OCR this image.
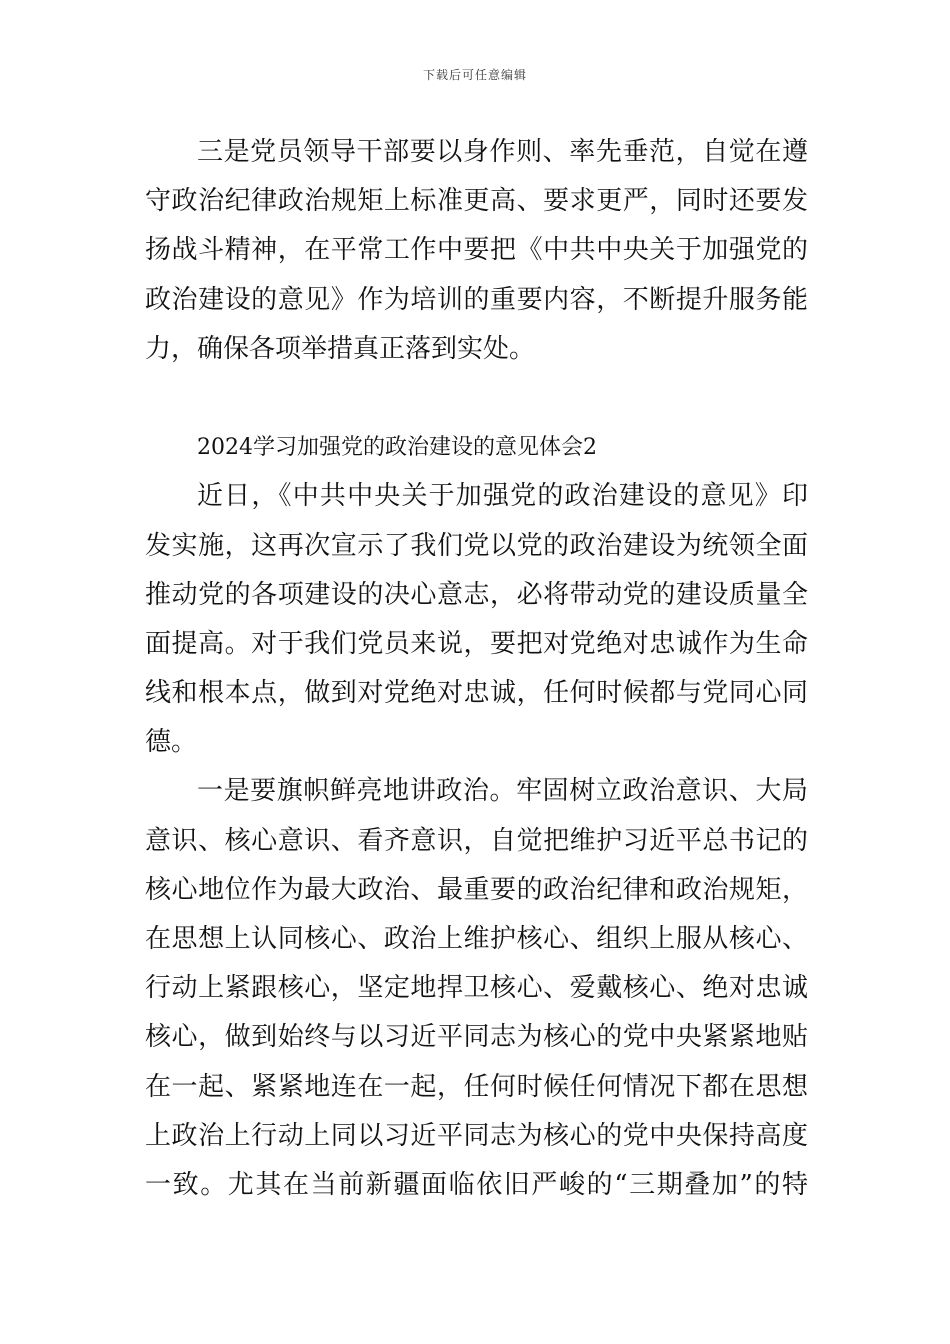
下载后可任意编辑
三是党员领导干部要以身作则、率先垂范，自觉在遵
守政治纪律政治规矩上标准更高、要求更严，同时还要发
扬战斗精神，在平常工作中要把《中共中央关于加强党的
政治建设的意见》作为培训的重要内容，不断提升服务能
力，确保各项举措真正落到实处。
2024学习加强党的政治建设的意见体会2
近日，《中共中央关于加强党的政治建设的意见》印
发实施，这再次宣示了我们党以党的政治建设为统领全面
推动党的各项建设的决心意志，必将带动党的建设质量全
面提高。对于我们党员来说，要把对党绝对忠诚作为生命
线和根本点，做到对党绝对忠诚，任何时候都与党同心同
德。
一是要旗帜鲜亮地讲政治。牢固树立政治意识、大局
意识、核心意识、看齐意识，自觉把维护习近平总书记的
核心地位作为最大政治、最重要的政治纪律和政治规矩，
在思想上认同核心、政治上维护核心、组织上服从核心、
行动上紧跟核心，坚定地捍卫核心、爱戴核心、绝对忠诚
核心，做到始终与以习近平同志为核心的党中央紧紧地贴
在一起、紧紧地连在一起，任何时候任何情况下都在思想
上政治上行动上同以习近平同志为核心的党中央保持高度
一致。尤其在当前新疆面临依旧严峻的“三期叠加”的特
